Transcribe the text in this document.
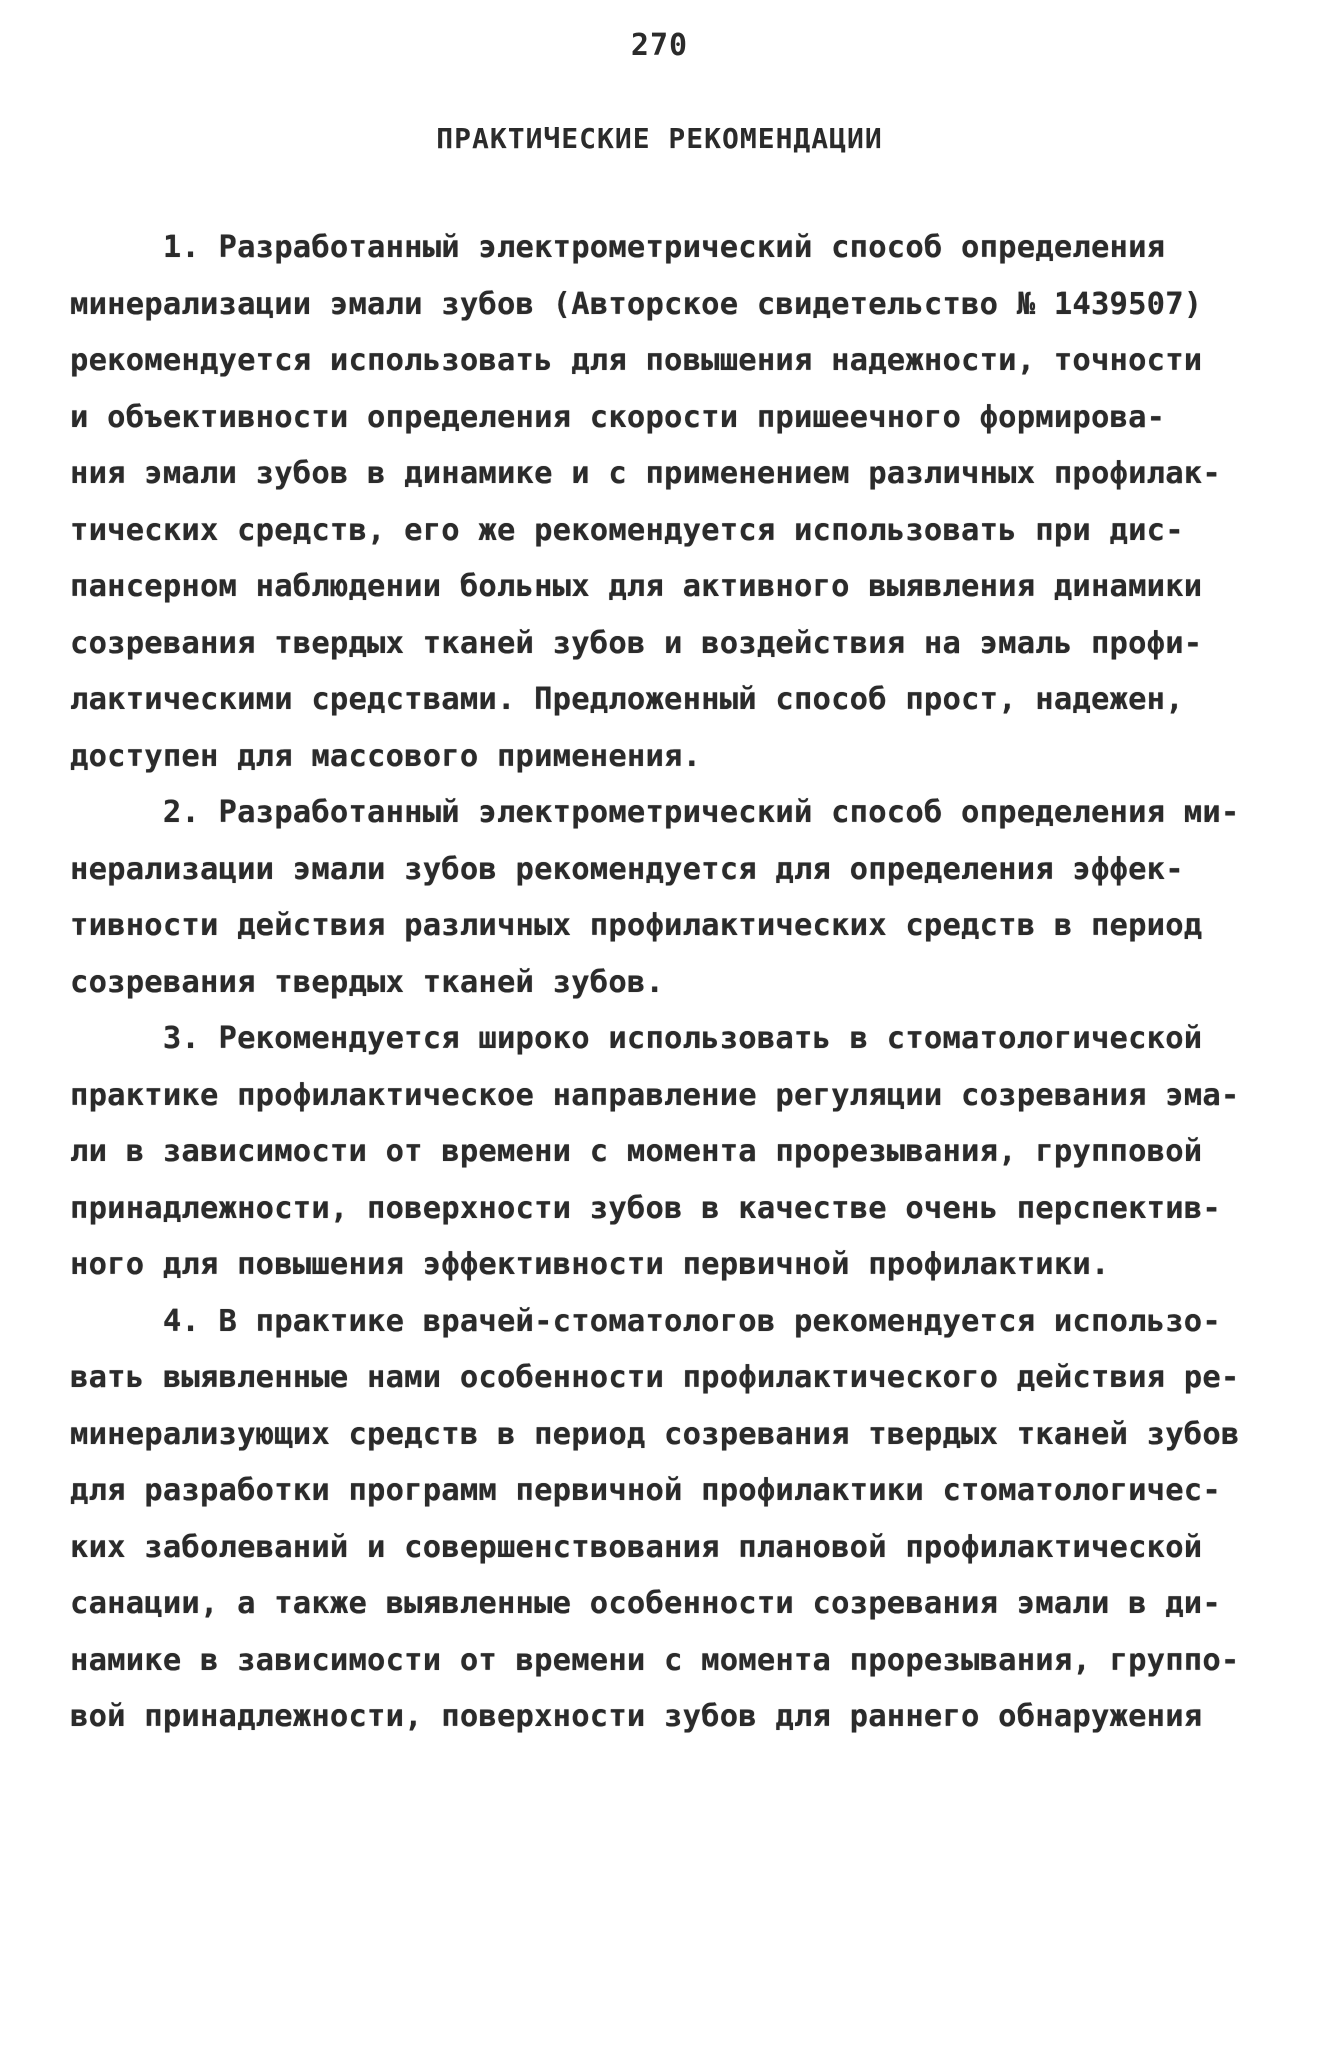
270
ПРАКТИЧЕСКИЕ РЕКОМЕНДАЦИИ
1. Разработанный электрометрический способ определения
минерализации эмали зубов (Авторское свидетельство № 1439507)
рекомендуется использовать для повышения надежности, точности
и объективности определения скорости пришеечного формирова-
ния эмали зубов в динамике и с применением различных профилак-
тических средств, его же рекомендуется использовать при дис-
пансерном наблюдении больных для активного выявления динамики
созревания твердых тканей зубов и воздействия на эмаль профи-
лактическими средствами. Предложенный способ прост, надежен,
доступен для массового применения.
2. Разработанный электрометрический способ определения ми-
нерализации эмали зубов рекомендуется для определения эффек-
тивности действия различных профилактических средств в период
созревания твердых тканей зубов.
3. Рекомендуется широко использовать в стоматологической
практике профилактическое направление регуляции созревания эма-
ли в зависимости от времени с момента прорезывания, групповой
принадлежности, поверхности зубов в качестве очень перспектив-
ного для повышения эффективности первичной профилактики.
4. В практике врачей-стоматологов рекомендуется использо-
вать выявленные нами особенности профилактического действия ре-
минерализующих средств в период созревания твердых тканей зубов
для разработки программ первичной профилактики стоматологичес-
ких заболеваний и совершенствования плановой профилактической
санации, а также выявленные особенности созревания эмали в ди-
намике в зависимости от времени с момента прорезывания, группо-
вой принадлежности, поверхности зубов для раннего обнаружения
